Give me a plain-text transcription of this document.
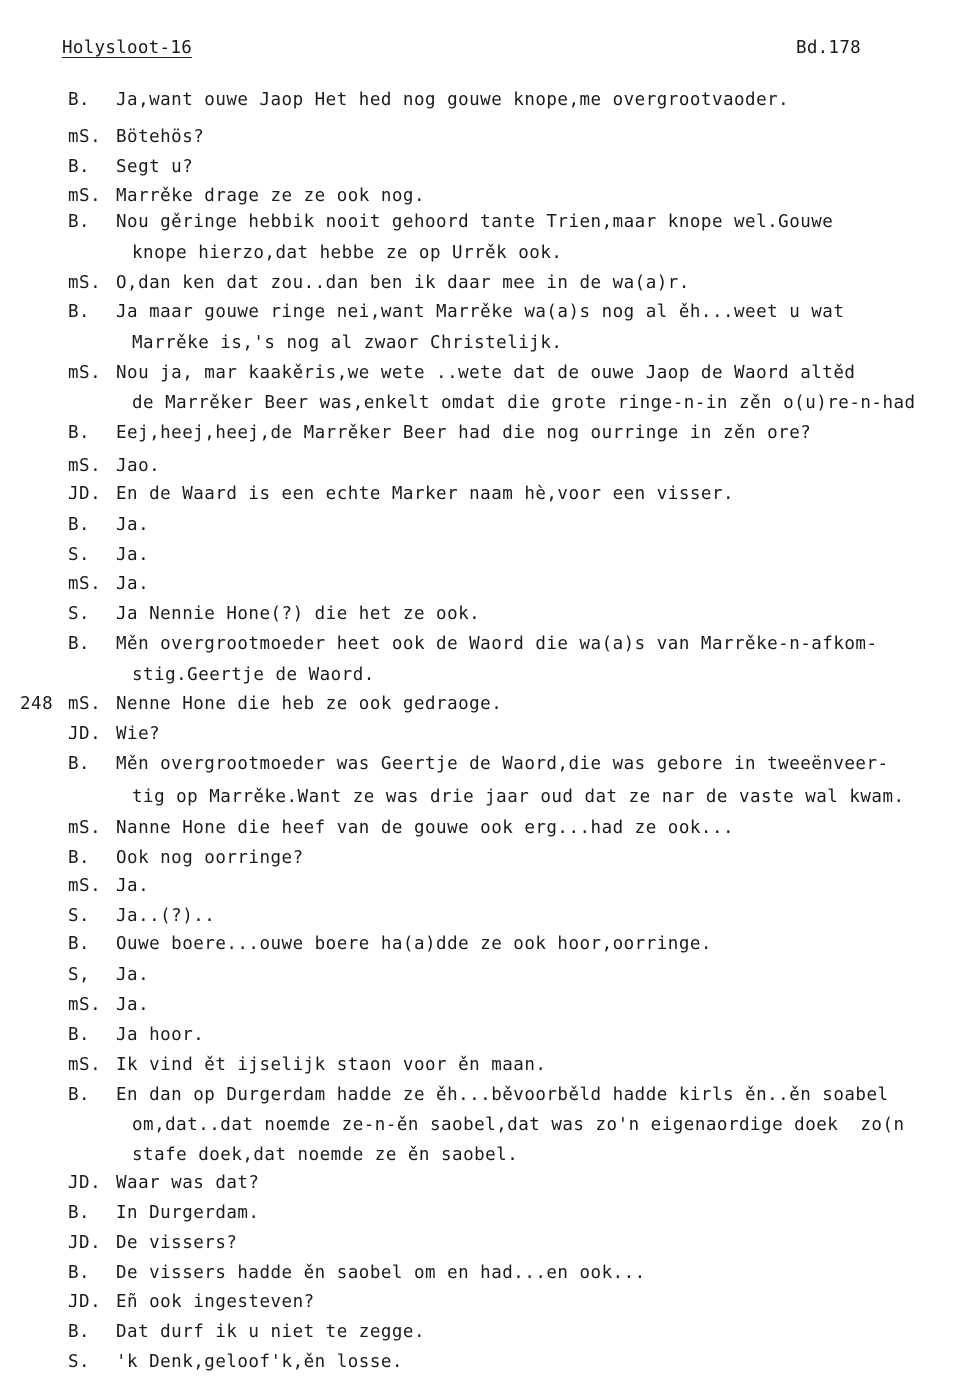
Holysloot-16	Bd.178
B. Ja,want ouwe Jaop Het hed nog gouwe knope,me overgrootvaoder.
mS. Bötehös?
B. Segt u?
mS. Marrěke drage ze ze ook nog.
B. Nou gěringe hebbik nooit gehoord tante Trien,maar knope wel.Gouwe
knope hierzo,dat hebbe ze op Urrěk ook.
mS. O,dan ken dat zou..dan ben ik daar mee in de wa(a)r.
B. Ja maar gouwe ringe nei,want Marrěke wa(a)s nog al ěh...weet u wat
Marrěke is,'s nog al zwaor Christelijk.
mS. Nou ja, mar kaakěris,we wete ..wete dat de ouwe Jaop de Waord altěd
de Marrěker Beer was,enkelt omdat die grote ringe-n-in zěn o(u)re-n-had
B. Eej,heej,heej,de Marrěker Beer had die nog ourringe in zěn ore?
mS. Jao.
JD. En de Waard is een echte Marker naam hè,voor een visser.
B. Ja.
S. Ja.
mS. Ja.
S. Ja Nennie Hone(?) die het ze ook.
B. Měn overgrootmoeder heet ook de Waord die wa(a)s van Marrěke-n-afkom-
stig.Geertje de Waord.
248 mS. Nenne Hone die heb ze ook gedraoge.
JD. Wie?
B. Měn overgrootmoeder was Geertje de Waord,die was gebore in tweeënveer-
tig op Marrěke.Want ze was drie jaar oud dat ze nar de vaste wal kwam.
mS. Nanne Hone die heef van de gouwe ook erg...had ze ook...
B. Ook nog oorringe?
mS. Ja.
S. Ja..(?)..
B. Ouwe boere...ouwe boere ha(a)dde ze ook hoor,oorringe.
S, Ja.
mS. Ja.
B. Ja hoor.
mS. Ik vind ět ijselijk staon voor ěn maan.
B. En dan op Durgerdam hadde ze ěh...běvoorběld hadde kirls ěn..ěn soabel
om,dat..dat noemde ze-n-ěn saobel,dat was zo'n eigenaordige doek  zo(n
stafe doek,dat noemde ze ěn saobel.
JD. Waar was dat?
B. In Durgerdam.
JD. De vissers?
B. De vissers hadde ěn saobel om en had...en ook...
JD. Eñ ook ingesteven?
B. Dat durf ik u niet te zegge.
S. 'k Denk,geloof'k,ěn losse.
